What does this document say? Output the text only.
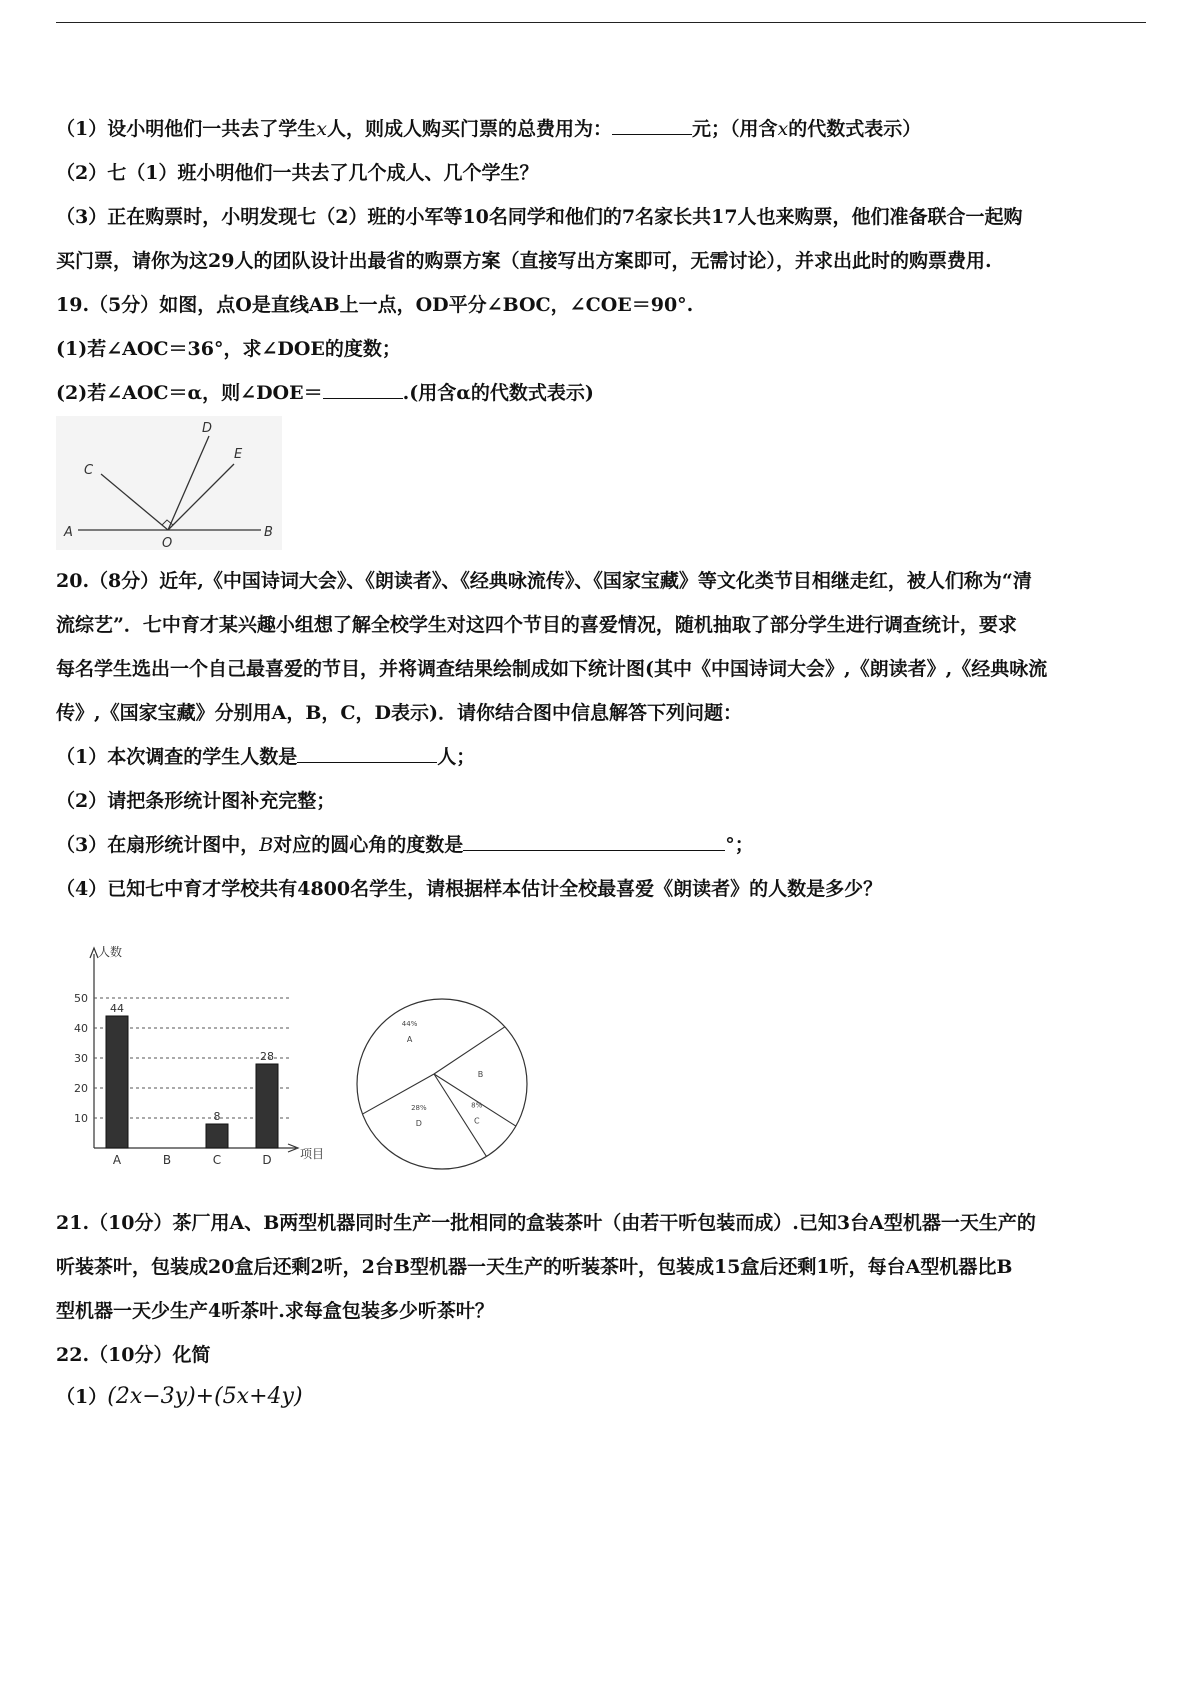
（1）设小明他们一共去了学生x人，则成人购买门票的总费用为：	元；（用含x的代数式表示）
（2）七（1）班小明他们一共去了几个成人、几个学生？
（3）正在购票时，小明发现七（2）班的小军等10名同学和他们的7名家长共17人也来购票，他们准备联合一起购
买门票，请你为这29人的团队设计出最省的购票方案（直接写出方案即可，无需讨论），并求出此时的购票费用.
19.（5分）如图，点O是直线AB上一点，OD平分∠BOC，∠COE＝90°.
(1)若∠AOC＝36°，求∠DOE的度数；
(2)若∠AOC＝α，则∠DOE＝	.(用含α的代数式表示)
A	B
C
D
E
O
20.（8分）近年,《中国诗词大会》、《朗读者》、《经典咏流传》、《国家宝藏》等文化类节目相继走红，被人们称为“清
流综艺”．七中育才某兴趣小组想了解全校学生对这四个节目的喜爱情况，随机抽取了部分学生进行调查统计，要求
每名学生选出一个自己最喜爱的节目，并将调查结果绘制成如下统计图(其中《中国诗词大会》,《朗读者》,《经典咏流
传》,《国家宝藏》分别用A，B，C，D表示)．请你结合图中信息解答下列问题：
（1）本次调查的学生人数是	人；
（2）请把条形统计图补充完整；
（3）在扇形统计图中，B对应的圆心角的度数是	°；
（4）已知七中育才学校共有4800名学生，请根据样本估计全校最喜爱《朗读者》的人数是多少？
人数
项目
10
20
30
40
50
44
A	B
8
C
28
D
44%
A
B
8%
C
28%
D
21.（10分）茶厂用A、B两型机器同时生产一批相同的盒装茶叶（由若干听包装而成）.已知3台A型机器一天生产的
听装茶叶，包装成20盒后还剩2听，2台B型机器一天生产的听装茶叶，包装成15盒后还剩1听，每台A型机器比B
型机器一天少生产4听茶叶.求每盒包装多少听茶叶？
22.（10分）化简
（1）(2x−3y)+(5x+4y)
